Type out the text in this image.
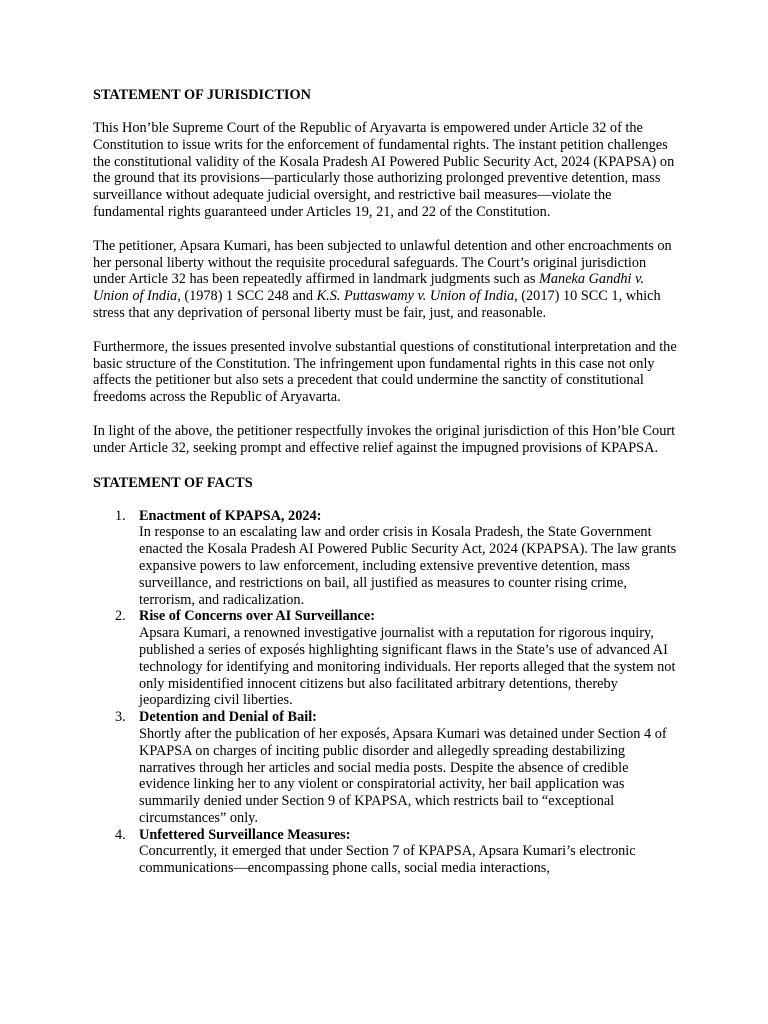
STATEMENT OF JURISDICTION

This Hon’ble Supreme Court of the Republic of Aryavarta is empowered under Article 32 of the Constitution to issue writs for the enforcement of fundamental rights. The instant petition challenges the constitutional validity of the Kosala Pradesh AI Powered Public Security Act, 2024 (KPAPSA) on the ground that its provisions—particularly those authorizing prolonged preventive detention, mass surveillance without adequate judicial oversight, and restrictive bail measures—violate the fundamental rights guaranteed under Articles 19, 21, and 22 of the Constitution.

The petitioner, Apsara Kumari, has been subjected to unlawful detention and other encroachments on her personal liberty without the requisite procedural safeguards. The Court’s original jurisdiction under Article 32 has been repeatedly affirmed in landmark judgments such as Maneka Gandhi v. Union of India, (1978) 1 SCC 248 and K.S. Puttaswamy v. Union of India, (2017) 10 SCC 1, which stress that any deprivation of personal liberty must be fair, just, and reasonable.

Furthermore, the issues presented involve substantial questions of constitutional interpretation and the basic structure of the Constitution. The infringement upon fundamental rights in this case not only affects the petitioner but also sets a precedent that could undermine the sanctity of constitutional freedoms across the Republic of Aryavarta.

In light of the above, the petitioner respectfully invokes the original jurisdiction of this Hon’ble Court under Article 32, seeking prompt and effective relief against the impugned provisions of KPAPSA.

STATEMENT OF FACTS
1. Enactment of KPAPSA, 2024:
In response to an escalating law and order crisis in Kosala Pradesh, the State Government enacted the Kosala Pradesh AI Powered Public Security Act, 2024 (KPAPSA). The law grants expansive powers to law enforcement, including extensive preventive detention, mass surveillance, and restrictions on bail, all justified as measures to counter rising crime, terrorism, and radicalization.
2. Rise of Concerns over AI Surveillance:
Apsara Kumari, a renowned investigative journalist with a reputation for rigorous inquiry, published a series of exposés highlighting significant flaws in the State’s use of advanced AI technology for identifying and monitoring individuals. Her reports alleged that the system not only misidentified innocent citizens but also facilitated arbitrary detentions, thereby jeopardizing civil liberties.
3. Detention and Denial of Bail:
Shortly after the publication of her exposés, Apsara Kumari was detained under Section 4 of KPAPSA on charges of inciting public disorder and allegedly spreading destabilizing narratives through her articles and social media posts. Despite the absence of credible evidence linking her to any violent or conspiratorial activity, her bail application was summarily denied under Section 9 of KPAPSA, which restricts bail to “exceptional circumstances” only.
4. Unfettered Surveillance Measures:
Concurrently, it emerged that under Section 7 of KPAPSA, Apsara Kumari’s electronic communications—encompassing phone calls, social media interactions,
